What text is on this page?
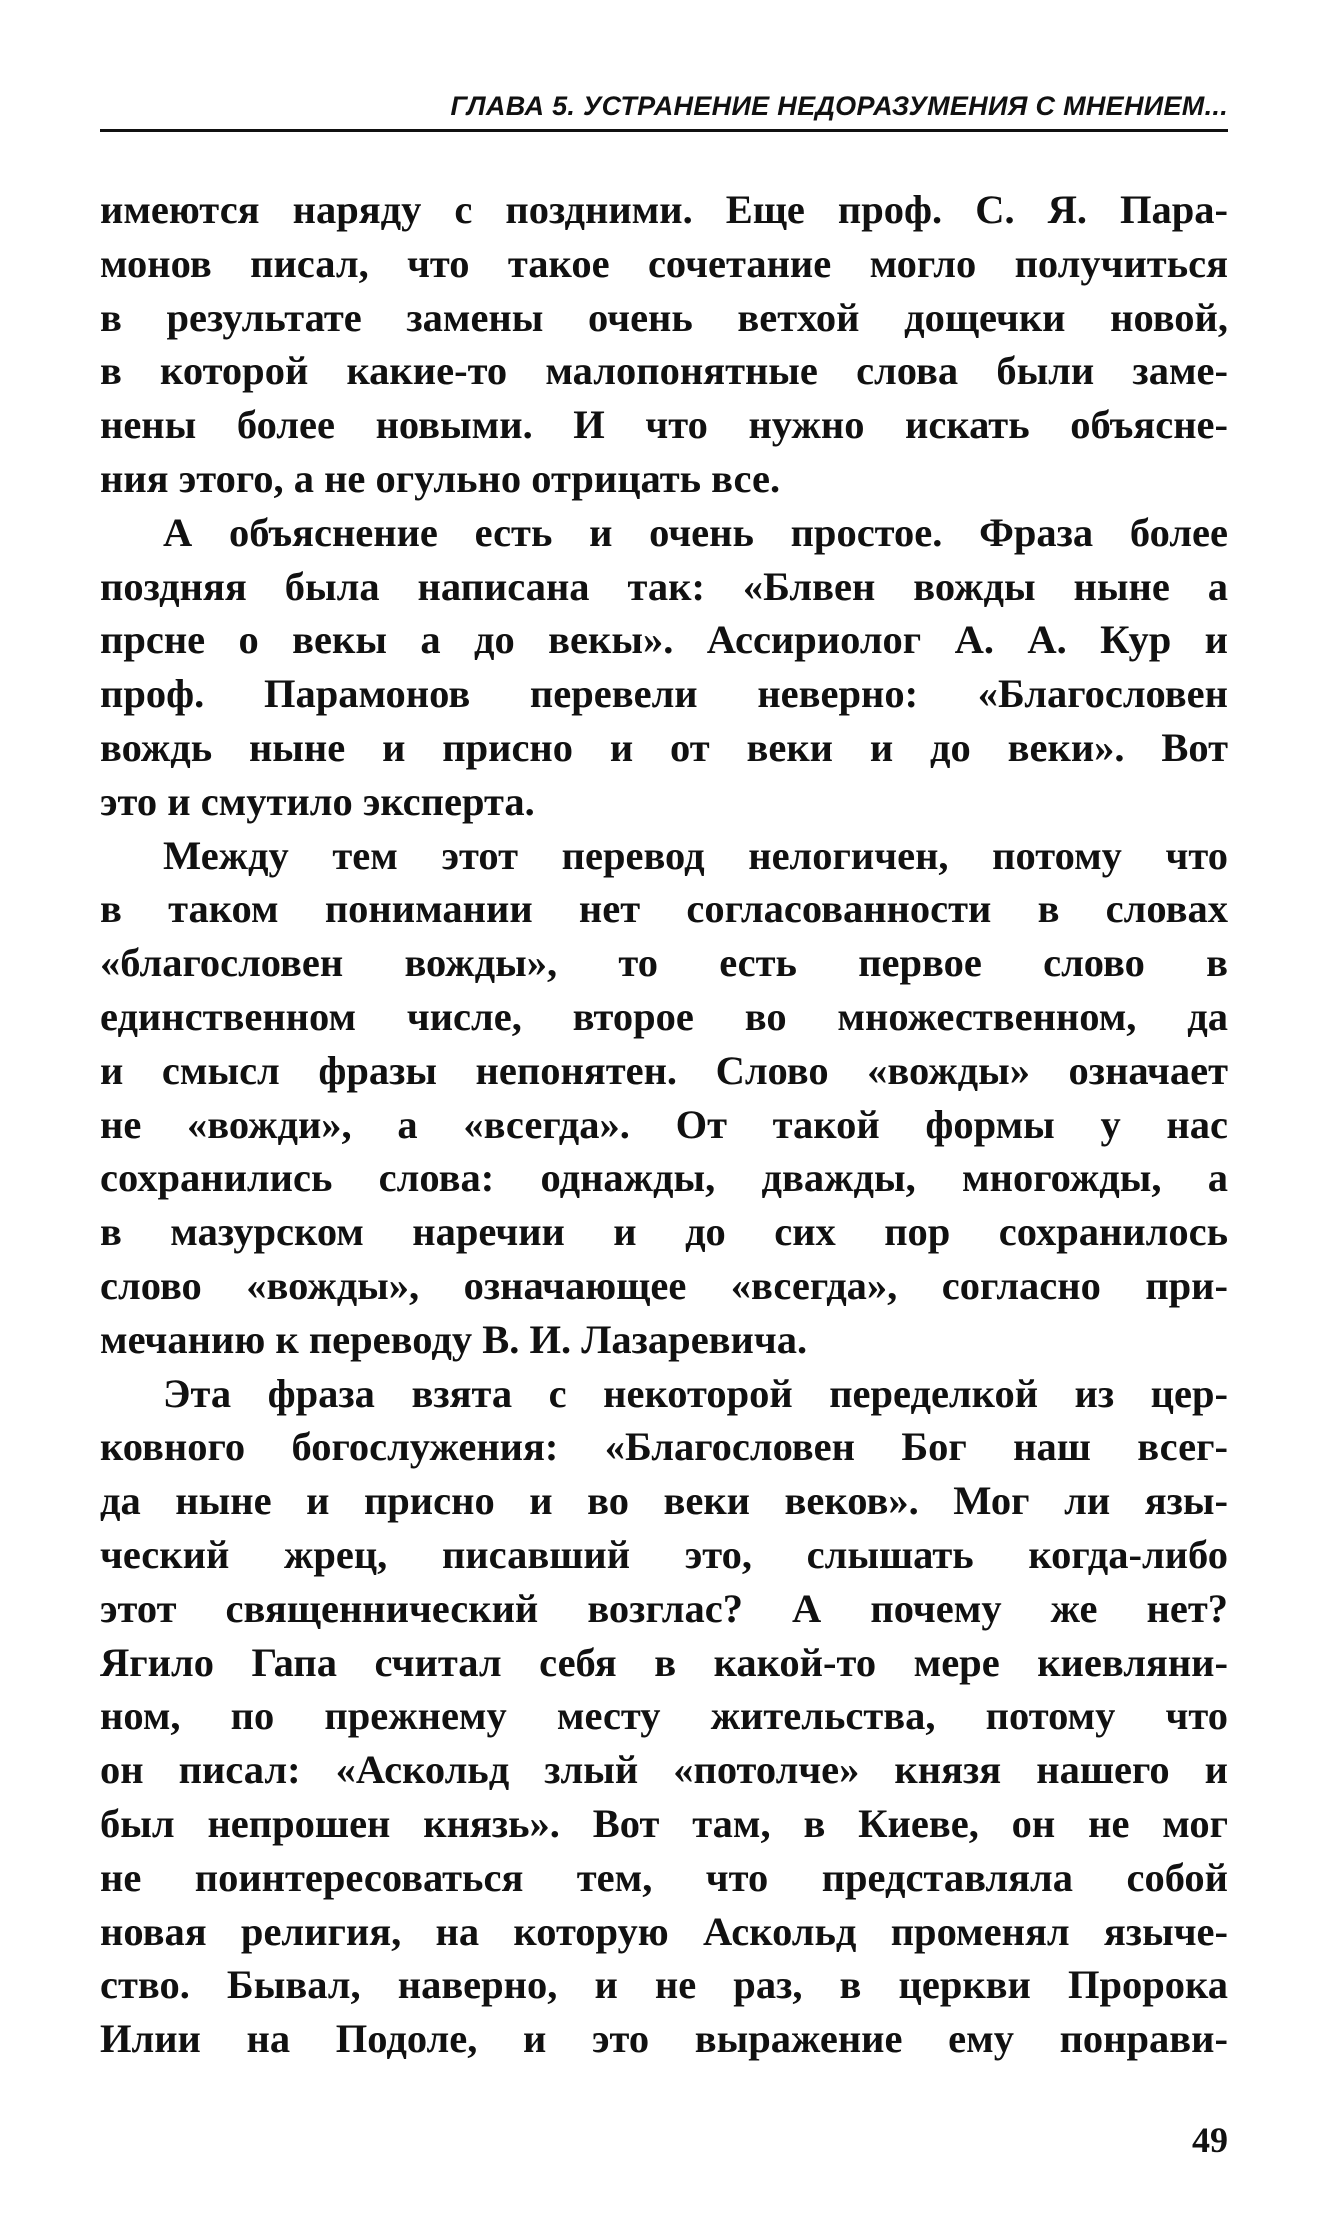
ГЛАВА 5. УСТРАНЕНИЕ НЕДОРАЗУМЕНИЯ С МНЕНИЕМ...

имеются наряду с поздними. Еще проф. С. Я. Пара-
монов писал, что такое сочетание могло получиться
в результате замены очень ветхой дощечки новой,
в которой какие-то малопонятные слова были заме-
нены более новыми. И что нужно искать объясне-
ния этого, а не огульно отрицать все.

А объяснение есть и очень простое. Фраза более
поздняя была написана так: «Блвен вожды ныне а
прсне о векы а до векы». Ассириолог А. А. Кур и
проф. Парамонов перевели неверно: «Благословен
вождь ныне и присно и от веки и до веки». Вот
это и смутило эксперта.

Между тем этот перевод нелогичен, потому что
в таком понимании нет согласованности в словах
«благословен вожды», то есть первое слово в
единственном числе, второе во множественном, да
и смысл фразы непонятен. Слово «вожды» означает
не «вожди», а «всегда». От такой формы у нас
сохранились слова: однажды, дважды, многожды, а
в мазурском наречии и до сих пор сохранилось
слово «вожды», означающее «всегда», согласно при-
мечанию к переводу В. И. Лазаревича.

Эта фраза взята с некоторой переделкой из цер-
ковного богослужения: «Благословен Бог наш всег-
да ныне и присно и во веки веков». Мог ли язы-
ческий жрец, писавший это, слышать когда-либо
этот священнический возглас? А почему же нет?
Ягило Гапа считал себя в какой-то мере киевляни-
ном, по прежнему месту жительства, потому что
он писал: «Аскольд злый «потолче» князя нашего и
был непрошен князь». Вот там, в Киеве, он не мог
не поинтересоваться тем, что представляла собой
новая религия, на которую Аскольд променял языче-
ство. Бывал, наверно, и не раз, в церкви Пророка
Илии на Подоле, и это выражение ему понрави-

49
